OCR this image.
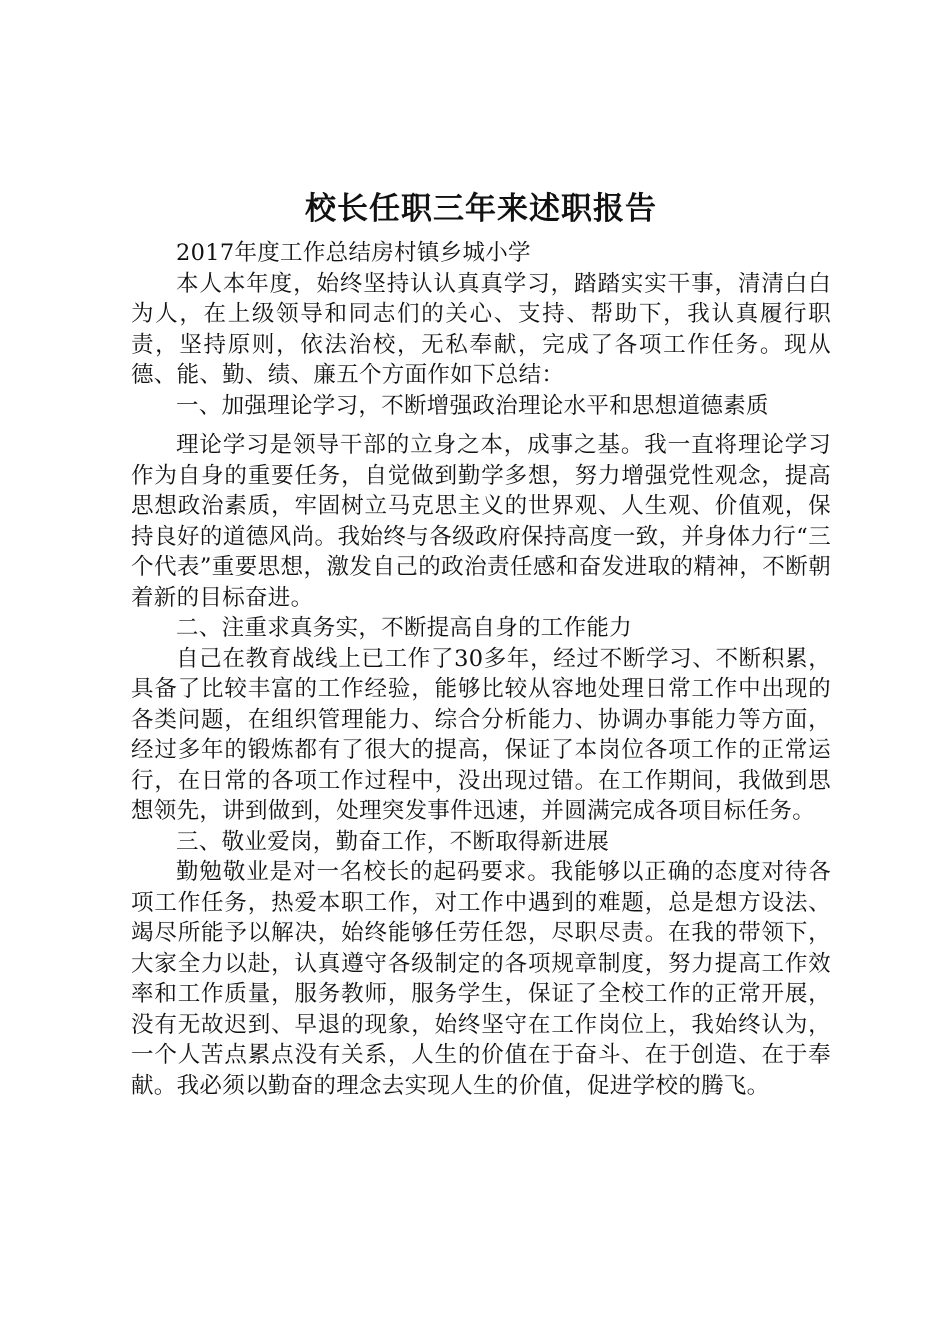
校长任职三年来述职报告

2017年度工作总结房村镇乡城小学

本人本年度，始终坚持认认真真学习，踏踏实实干事，清清白白为人，在上级领导和同志们的关心、支持、帮助下，我认真履行职责，坚持原则，依法治校，无私奉献，完成了各项工作任务。现从德、能、勤、绩、廉五个方面作如下总结：

一、加强理论学习，不断增强政治理论水平和思想道德素质

理论学习是领导干部的立身之本，成事之基。我一直将理论学习作为自身的重要任务，自觉做到勤学多想，努力增强党性观念，提高思想政治素质，牢固树立马克思主义的世界观、人生观、价值观，保持良好的道德风尚。我始终与各级政府保持高度一致，并身体力行“三个代表”重要思想，激发自己的政治责任感和奋发进取的精神，不断朝着新的目标奋进。

二、注重求真务实，不断提高自身的工作能力

自己在教育战线上已工作了30多年，经过不断学习、不断积累，具备了比较丰富的工作经验，能够比较从容地处理日常工作中出现的各类问题，在组织管理能力、综合分析能力、协调办事能力等方面，经过多年的锻炼都有了很大的提高，保证了本岗位各项工作的正常运行，在日常的各项工作过程中，没出现过错。在工作期间，我做到思想领先，讲到做到，处理突发事件迅速，并圆满完成各项目标任务。

三、敬业爱岗，勤奋工作，不断取得新进展

勤勉敬业是对一名校长的起码要求。我能够以正确的态度对待各项工作任务，热爱本职工作，对工作中遇到的难题，总是想方设法、竭尽所能予以解决，始终能够任劳任怨，尽职尽责。在我的带领下，大家全力以赴，认真遵守各级制定的各项规章制度，努力提高工作效率和工作质量，服务教师，服务学生，保证了全校工作的正常开展，没有无故迟到、早退的现象，始终坚守在工作岗位上，我始终认为，一个人苦点累点没有关系，人生的价值在于奋斗、在于创造、在于奉献。我必须以勤奋的理念去实现人生的价值，促进学校的腾飞。
